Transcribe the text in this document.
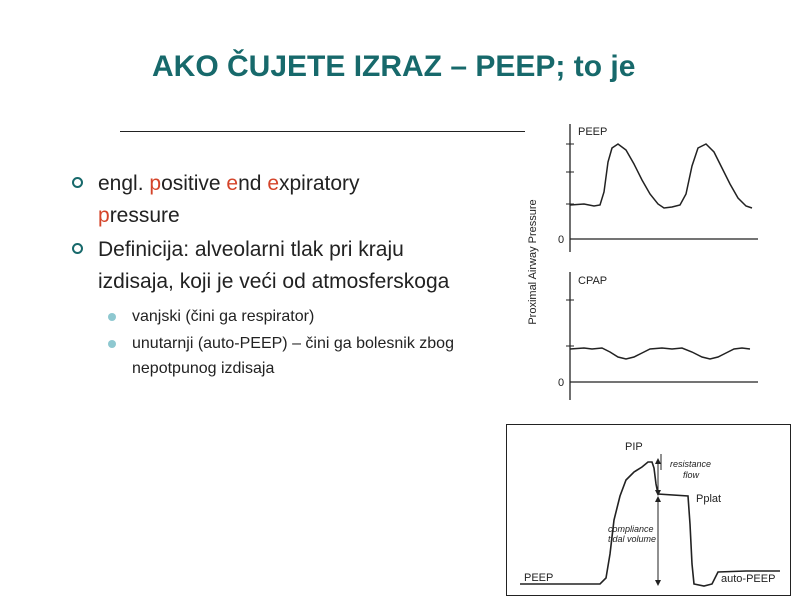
AKO ČUJETE IZRAZ – PEEP; to je
engl. positive end expiratory
pressure
Definicija: alveolarni tlak pri kraju izdisaja, koji je veći od atmosferskoga
vanjski (čini ga respirator)
unutarnji (auto-PEEP) – čini ga bolesnik zbog nepotpunog izdisaja
Proximal Airway Pressure
PEEP
0
CPAP
0
PIP
resistance
flow
Pplat
compliance
tidal volume
PEEP	auto-PEEP
